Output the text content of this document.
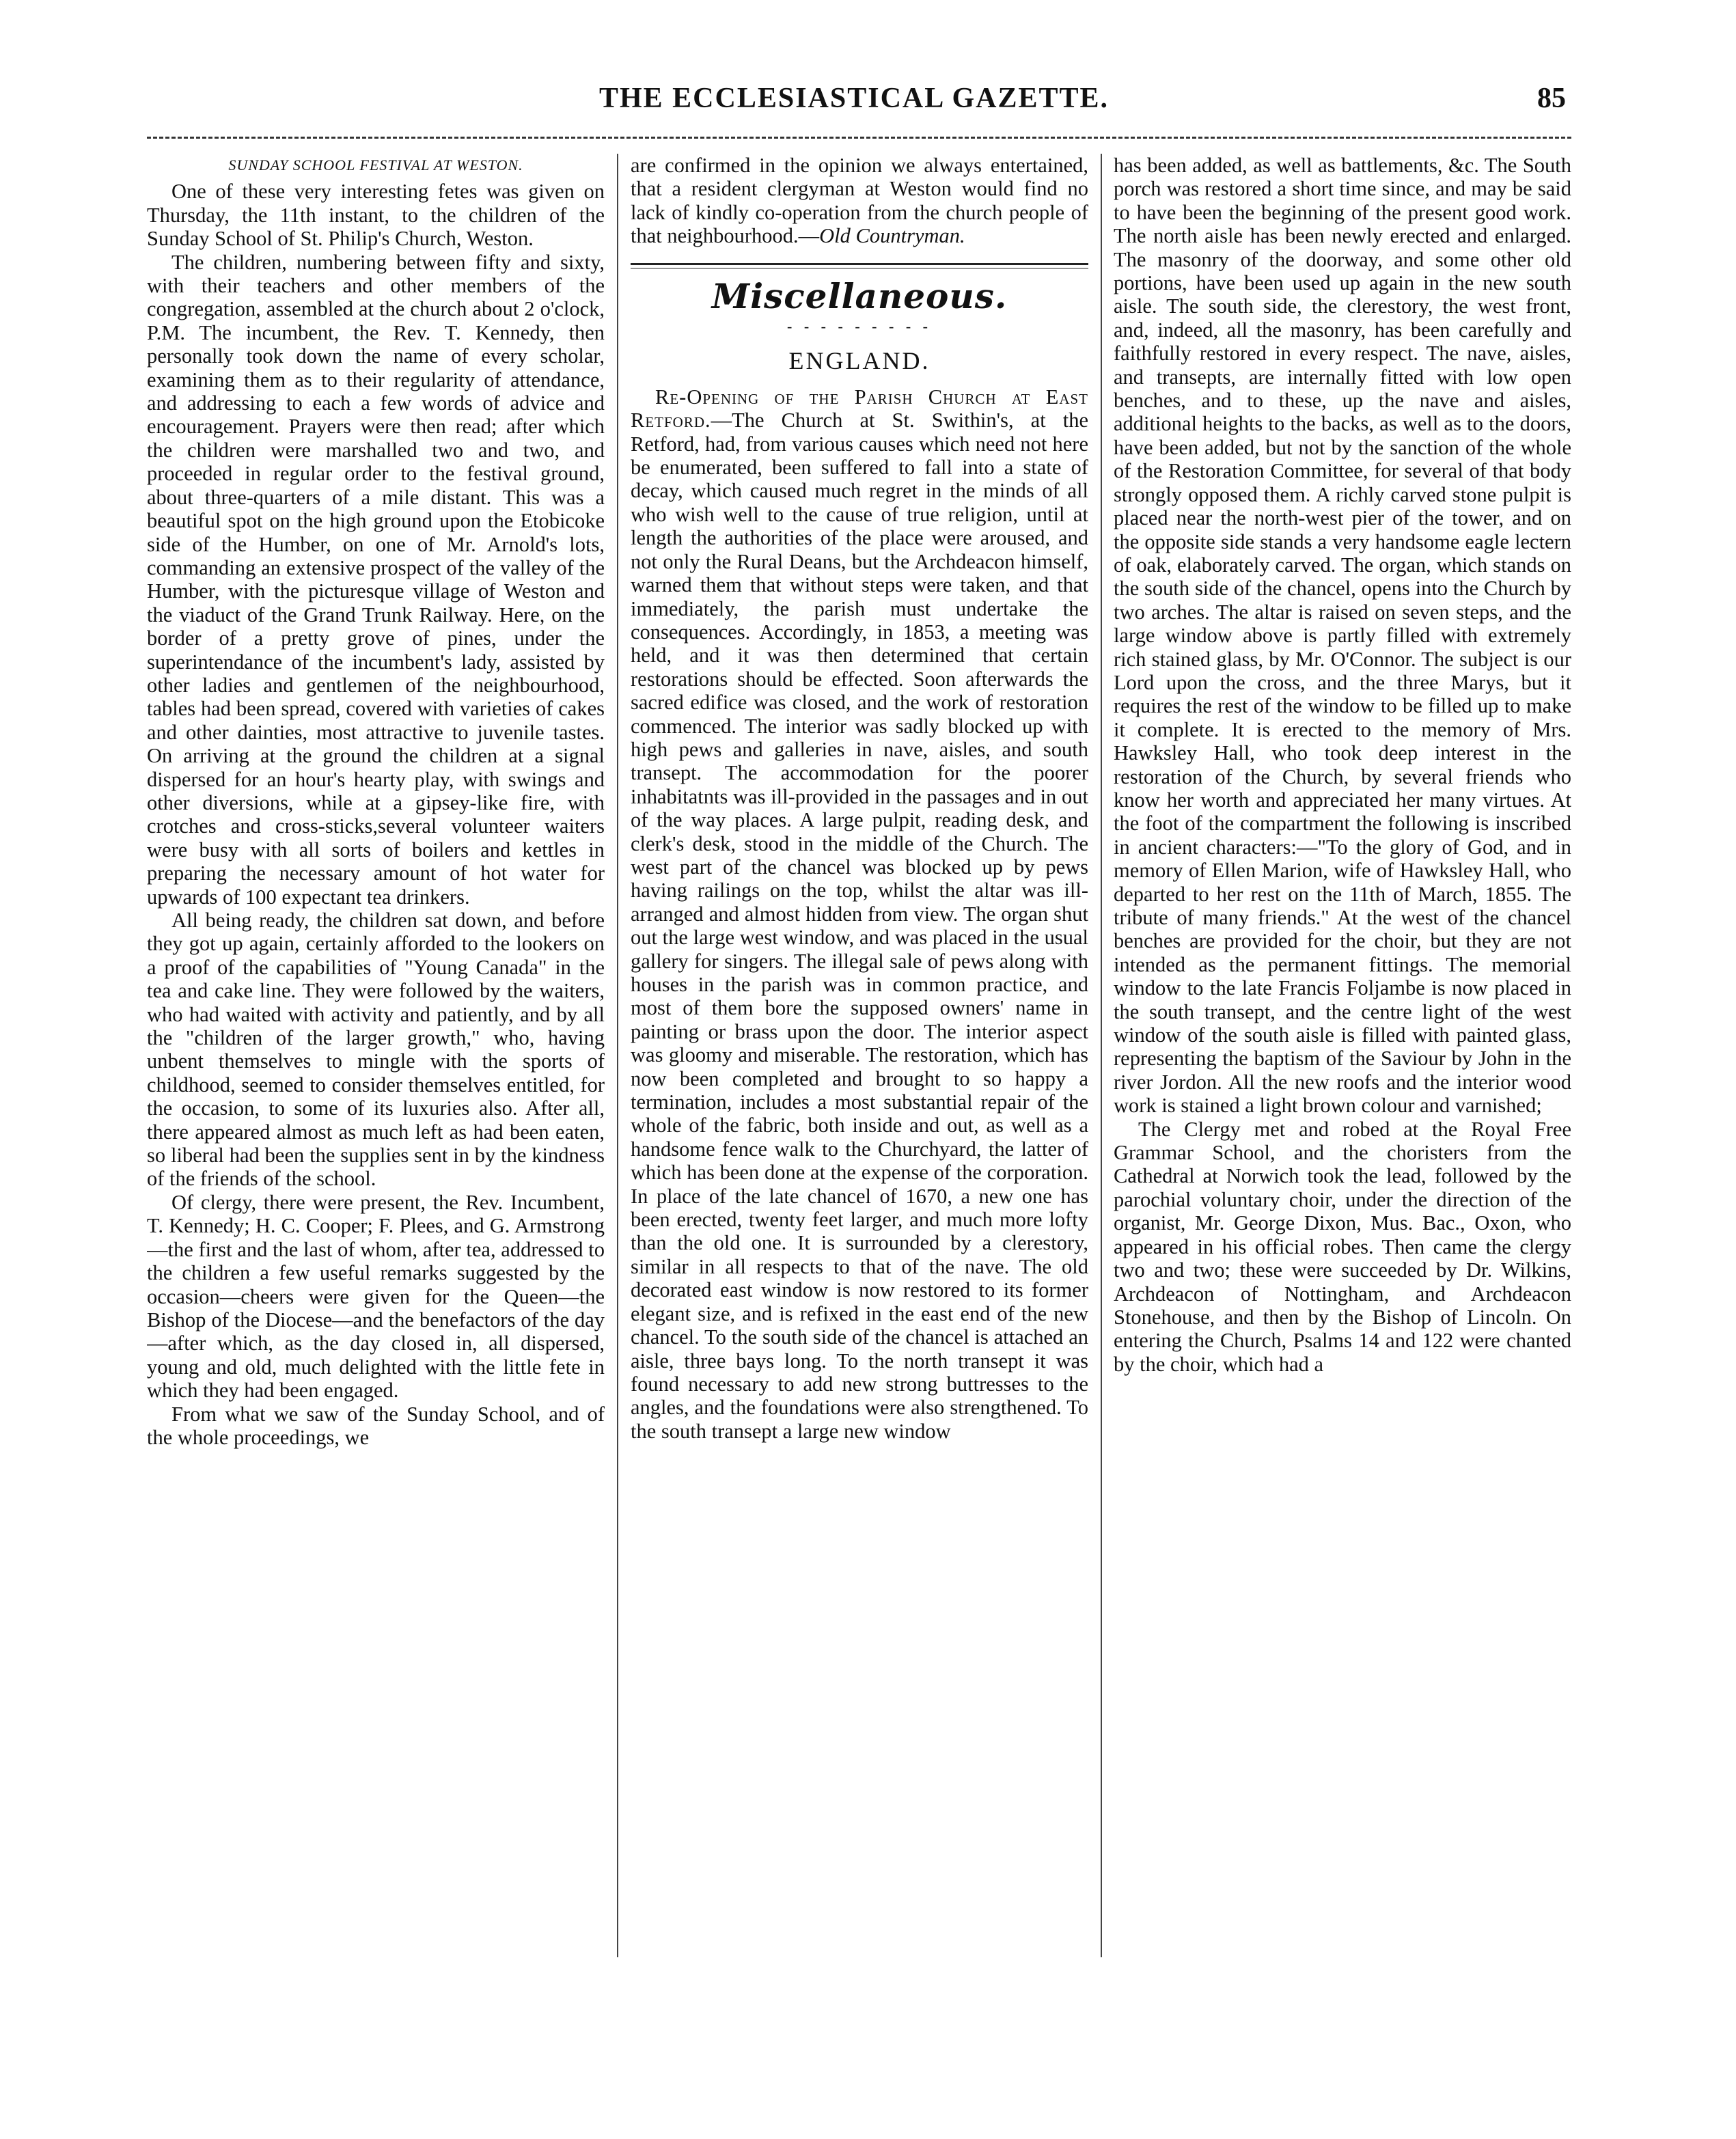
THE ECCLESIASTICAL GAZETTE.	85
SUNDAY SCHOOL FESTIVAL AT WESTON.

One of these very interesting fetes was given on Thursday, the 11th instant, to the children of the Sunday School of St. Philip's Church, Weston.

The children, numbering between fifty and sixty, with their teachers and other members of the congregation, assembled at the church about 2 o'clock, P.M. The incumbent, the Rev. T. Kennedy, then personally took down the name of every scholar, examining them as to their regularity of attendance, and addressing to each a few words of advice and encouragement. Prayers were then read; after which the children were marshalled two and two, and proceeded in regular order to the festival ground, about three-quarters of a mile distant. This was a beautiful spot on the high ground upon the Etobicoke side of the Humber, on one of Mr. Arnold's lots, commanding an extensive prospect of the valley of the Humber, with the picturesque village of Weston and the viaduct of the Grand Trunk Railway. Here, on the border of a pretty grove of pines, under the superintendance of the incumbent's lady, assisted by other ladies and gentlemen of the neighbourhood, tables had been spread, covered with varieties of cakes and other dainties, most attractive to juvenile tastes. On arriving at the ground the children at a signal dispersed for an hour's hearty play, with swings and other diversions, while at a gipsey-like fire, with crotches and cross-sticks,several volunteer waiters were busy with all sorts of boilers and kettles in preparing the necessary amount of hot water for upwards of 100 expectant tea drinkers.

All being ready, the children sat down, and before they got up again, certainly afforded to the lookers on a proof of the capabilities of "Young Canada" in the tea and cake line. They were followed by the waiters, who had waited with activity and patiently, and by all the "children of the larger growth," who, having unbent themselves to mingle with the sports of childhood, seemed to consider themselves entitled, for the occasion, to some of its luxuries also. After all, there appeared almost as much left as had been eaten, so liberal had been the supplies sent in by the kindness of the friends of the school.

Of clergy, there were present, the Rev. Incumbent, T. Kennedy; H. C. Cooper; F. Plees, and G. Armstrong—the first and the last of whom, after tea, addressed to the children a few useful remarks suggested by the occasion—cheers were given for the Queen—the Bishop of the Diocese—and the benefactors of the day—after which, as the day closed in, all dispersed, young and old, much delighted with the little fete in which they had been engaged.

From what we saw of the Sunday School, and of the whole proceedings, we

are confirmed in the opinion we always entertained, that a resident clergyman at Weston would find no lack of kindly co-operation from the church people of that neighbourhood.—Old Countryman.

Miscellaneous.
- - - - - - - - -
ENGLAND.

Re-Opening of the Parish Church at East Retford.—The Church at St. Swithin's, at the Retford, had, from various causes which need not here be enumerated, been suffered to fall into a state of decay, which caused much regret in the minds of all who wish well to the cause of true religion, until at length the authorities of the place were aroused, and not only the Rural Deans, but the Archdeacon himself, warned them that without steps were taken, and that immediately, the parish must undertake the consequences. Accordingly, in 1853, a meeting was held, and it was then determined that certain restorations should be effected. Soon afterwards the sacred edifice was closed, and the work of restoration commenced. The interior was sadly blocked up with high pews and galleries in nave, aisles, and south transept. The accommodation for the poorer inhabitatnts was ill-provided in the passages and in out of the way places. A large pulpit, reading desk, and clerk's desk, stood in the middle of the Church. The west part of the chancel was blocked up by pews having railings on the top, whilst the altar was ill-arranged and almost hidden from view. The organ shut out the large west window, and was placed in the usual gallery for singers. The illegal sale of pews along with houses in the parish was in common practice, and most of them bore the supposed owners' name in painting or brass upon the door. The interior aspect was gloomy and miserable. The restoration, which has now been completed and brought to so happy a termination, includes a most substantial repair of the whole of the fabric, both inside and out, as well as a handsome fence walk to the Churchyard, the latter of which has been done at the expense of the corporation. In place of the late chancel of 1670, a new one has been erected, twenty feet larger, and much more lofty than the old one. It is surrounded by a clerestory, similar in all respects to that of the nave. The old decorated east window is now restored to its former elegant size, and is refixed in the east end of the new chancel. To the south side of the chancel is attached an aisle, three bays long. To the north transept it was found necessary to add new strong buttresses to the angles, and the foundations were also strengthened. To the south transept a large new window

has been added, as well as battlements, &c. The South porch was restored a short time since, and may be said to have been the beginning of the present good work. The north aisle has been newly erected and enlarged. The masonry of the doorway, and some other old portions, have been used up again in the new south aisle. The south side, the clerestory, the west front, and, indeed, all the masonry, has been carefully and faithfully restored in every respect. The nave, aisles, and transepts, are internally fitted with low open benches, and to these, up the nave and aisles, additional heights to the backs, as well as to the doors, have been added, but not by the sanction of the whole of the Restoration Committee, for several of that body strongly opposed them. A richly carved stone pulpit is placed near the north-west pier of the tower, and on the opposite side stands a very handsome eagle lectern of oak, elaborately carved. The organ, which stands on the south side of the chancel, opens into the Church by two arches. The altar is raised on seven steps, and the large window above is partly filled with extremely rich stained glass, by Mr. O'Connor. The subject is our Lord upon the cross, and the three Marys, but it requires the rest of the window to be filled up to make it complete. It is erected to the memory of Mrs. Hawksley Hall, who took deep interest in the restoration of the Church, by several friends who know her worth and appreciated her many virtues. At the foot of the compartment the following is inscribed in ancient characters:—"To the glory of God, and in memory of Ellen Marion, wife of Hawksley Hall, who departed to her rest on the 11th of March, 1855. The tribute of many friends." At the west of the chancel benches are provided for the choir, but they are not intended as the permanent fittings. The memorial window to the late Francis Foljambe is now placed in the south transept, and the centre light of the west window of the south aisle is filled with painted glass, representing the baptism of the Saviour by John in the river Jordon. All the new roofs and the interior wood work is stained a light brown colour and varnished;

The Clergy met and robed at the Royal Free Grammar School, and the choristers from the Cathedral at Norwich took the lead, followed by the parochial voluntary choir, under the direction of the organist, Mr. George Dixon, Mus. Bac., Oxon, who appeared in his official robes. Then came the clergy two and two; these were succeeded by Dr. Wilkins, Archdeacon of Nottingham, and Archdeacon Stonehouse, and then by the Bishop of Lincoln. On entering the Church, Psalms 14 and 122 were chanted by the choir, which had a
